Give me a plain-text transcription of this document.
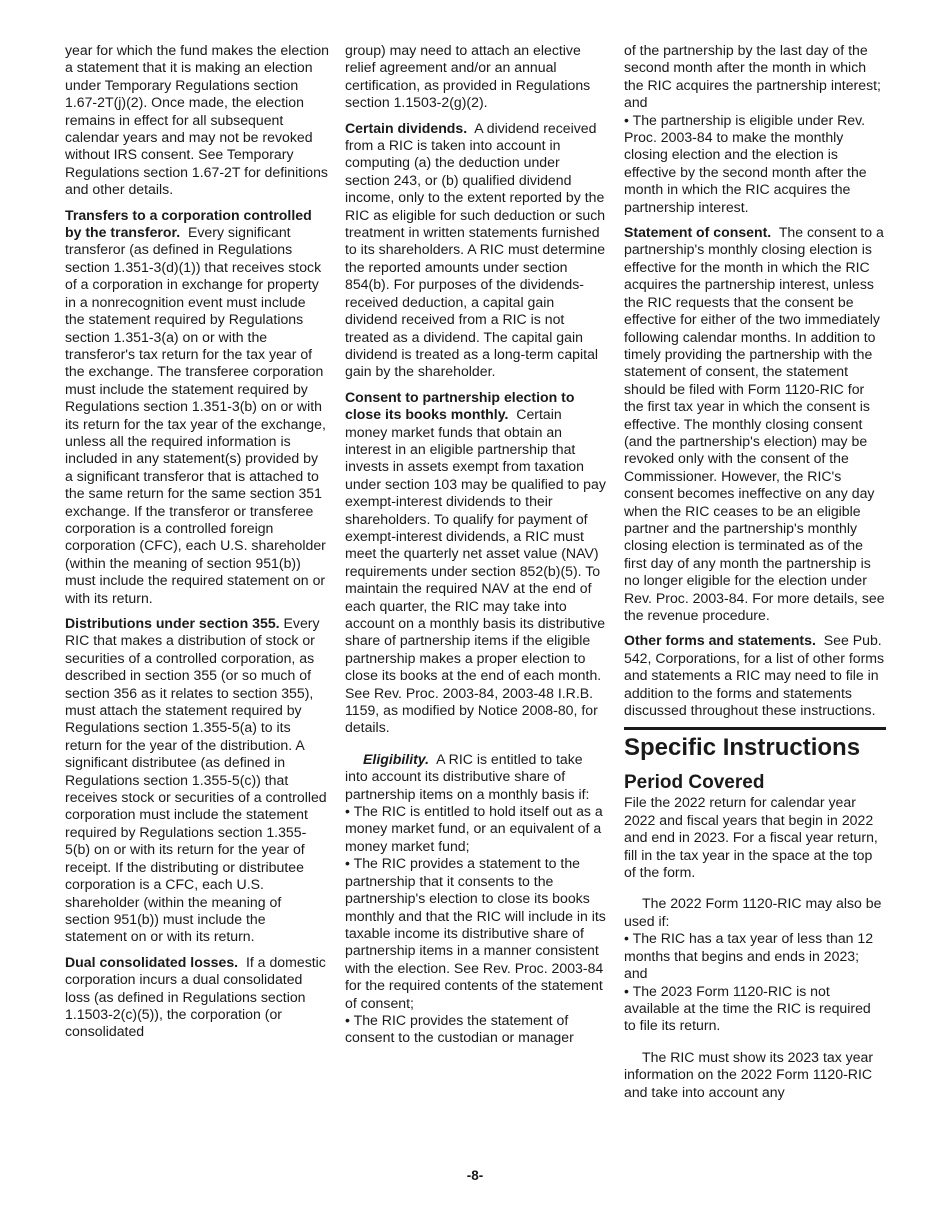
year for which the fund makes the election a statement that it is making an election under Temporary Regulations section 1.67-2T(j)(2). Once made, the election remains in effect for all subsequent calendar years and may not be revoked without IRS consent. See Temporary Regulations section 1.67-2T for definitions and other details.

Transfers to a corporation controlled by the transferor. Every significant transferor (as defined in Regulations section 1.351-3(d)(1)) that receives stock of a corporation in exchange for property in a nonrecognition event must include the statement required by Regulations section 1.351-3(a) on or with the transferor's tax return for the tax year of the exchange. The transferee corporation must include the statement required by Regulations section 1.351-3(b) on or with its return for the tax year of the exchange, unless all the required information is included in any statement(s) provided by a significant transferor that is attached to the same return for the same section 351 exchange. If the transferor or transferee corporation is a controlled foreign corporation (CFC), each U.S. shareholder (within the meaning of section 951(b)) must include the required statement on or with its return.

Distributions under section 355. Every RIC that makes a distribution of stock or securities of a controlled corporation, as described in section 355 (or so much of section 356 as it relates to section 355), must attach the statement required by Regulations section 1.355-5(a) to its return for the year of the distribution. A significant distributee (as defined in Regulations section 1.355-5(c)) that receives stock or securities of a controlled corporation must include the statement required by Regulations section 1.355-5(b) on or with its return for the year of receipt. If the distributing or distributee corporation is a CFC, each U.S. shareholder (within the meaning of section 951(b)) must include the statement on or with its return.

Dual consolidated losses. If a domestic corporation incurs a dual consolidated loss (as defined in Regulations section 1.1503-2(c)(5)), the corporation (or consolidated

group) may need to attach an elective relief agreement and/or an annual certification, as provided in Regulations section 1.1503-2(g)(2).

Certain dividends. A dividend received from a RIC is taken into account in computing (a) the deduction under section 243, or (b) qualified dividend income, only to the extent reported by the RIC as eligible for such deduction or such treatment in written statements furnished to its shareholders. A RIC must determine the reported amounts under section 854(b). For purposes of the dividends-received deduction, a capital gain dividend received from a RIC is not treated as a dividend. The capital gain dividend is treated as a long-term capital gain by the shareholder.

Consent to partnership election to close its books monthly. Certain money market funds that obtain an interest in an eligible partnership that invests in assets exempt from taxation under section 103 may be qualified to pay exempt-interest dividends to their shareholders. To qualify for payment of exempt-interest dividends, a RIC must meet the quarterly net asset value (NAV) requirements under section 852(b)(5). To maintain the required NAV at the end of each quarter, the RIC may take into account on a monthly basis its distributive share of partnership items if the eligible partnership makes a proper election to close its books at the end of each month. See Rev. Proc. 2003-84, 2003-48 I.R.B. 1159, as modified by Notice 2008-80, for details.

Eligibility. A RIC is entitled to take into account its distributive share of partnership items on a monthly basis if:

• The RIC is entitled to hold itself out as a money market fund, or an equivalent of a money market fund;

• The RIC provides a statement to the partnership that it consents to the partnership's election to close its books monthly and that the RIC will include in its taxable income its distributive share of partnership items in a manner consistent with the election. See Rev. Proc. 2003-84 for the required contents of the statement of consent;

• The RIC provides the statement of consent to the custodian or manager

of the partnership by the last day of the second month after the month in which the RIC acquires the partnership interest; and

• The partnership is eligible under Rev. Proc. 2003-84 to make the monthly closing election and the election is effective by the second month after the month in which the RIC acquires the partnership interest.

Statement of consent. The consent to a partnership's monthly closing election is effective for the month in which the RIC acquires the partnership interest, unless the RIC requests that the consent be effective for either of the two immediately following calendar months. In addition to timely providing the partnership with the statement of consent, the statement should be filed with Form 1120-RIC for the first tax year in which the consent is effective. The monthly closing consent (and the partnership's election) may be revoked only with the consent of the Commissioner. However, the RIC's consent becomes ineffective on any day when the RIC ceases to be an eligible partner and the partnership's monthly closing election is terminated as of the first day of any month the partnership is no longer eligible for the election under Rev. Proc. 2003-84. For more details, see the revenue procedure.

Other forms and statements. See Pub. 542, Corporations, for a list of other forms and statements a RIC may need to file in addition to the forms and statements discussed throughout these instructions.

Specific Instructions
Period Covered

File the 2022 return for calendar year 2022 and fiscal years that begin in 2022 and end in 2023. For a fiscal year return, fill in the tax year in the space at the top of the form.

The 2022 Form 1120-RIC may also be used if:

• The RIC has a tax year of less than 12 months that begins and ends in 2023; and

• The 2023 Form 1120-RIC is not available at the time the RIC is required to file its return.

The RIC must show its 2023 tax year information on the 2022 Form 1120-RIC and take into account any

-8-
